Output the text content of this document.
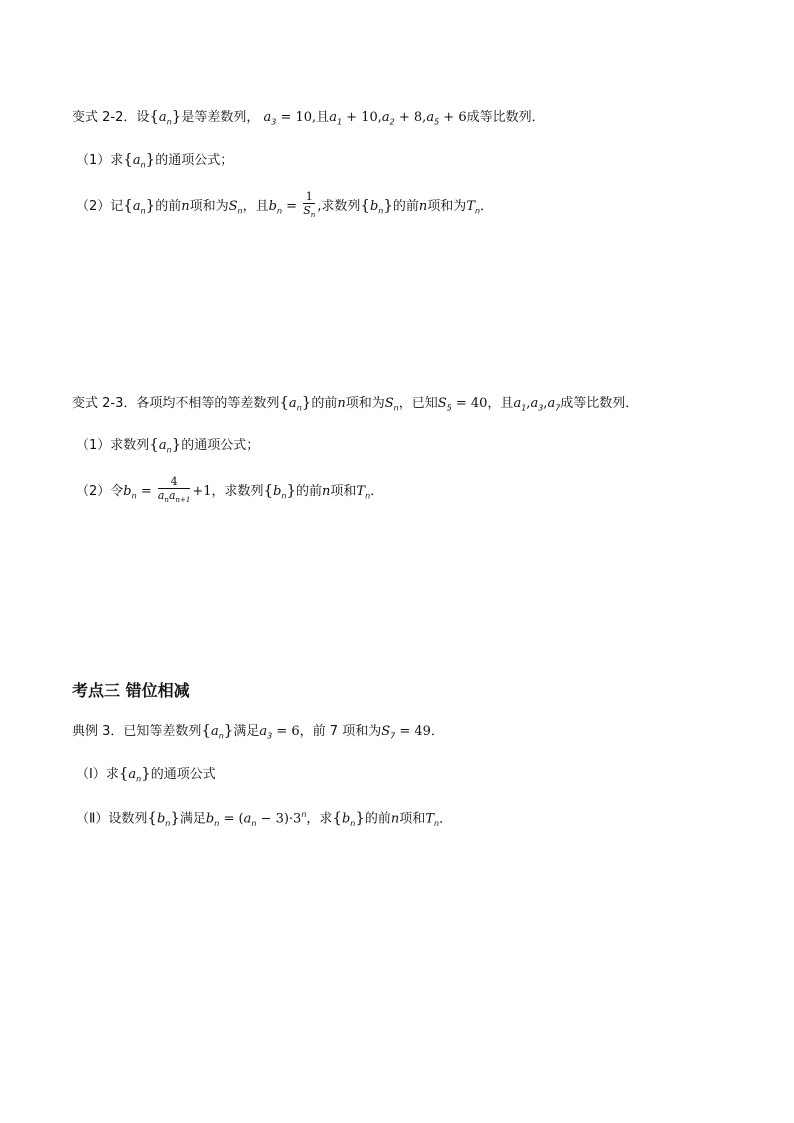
变式 2-2．设$\{a_n\}$是等差数列， $a_3 = 10$,且$a_1 + 10,a_2 + 8,a_5 + 6$成等比数列．
（1）求$\{a_n\}$的通项公式；
（2）记$\{a_n\}$的前n项和为$S_n$，且$b_n = \frac{1}{S_n}$ ,求数列$\{b_n\}$的前n项和为$T_n$．
变式 2-3．各项均不相等的等差数列$\{a_n\}$的前n项和为$S_n$，已知$S_5 = 40$，且$a_1,a_3,a_7$成等比数列．
（1）求数列$\{a_n\}$的通项公式；
（2）令$b_n = \frac{4}{a_na_{n+1}} +1$，求数列$\{b_n\}$的前n项和$T_n$．
考点三 错位相减
典例 3．已知等差数列$\{a_n\}$满足$a_3 = 6$，前 7 项和为$S_7 = 49$．
（Ⅰ）求$\{a_n\}$的通项公式
（Ⅱ）设数列$\{b_n\}$满足$b_n = (a_n - 3)\cdot 3^n$，求$\{b_n\}$的前n项和$T_n$．
